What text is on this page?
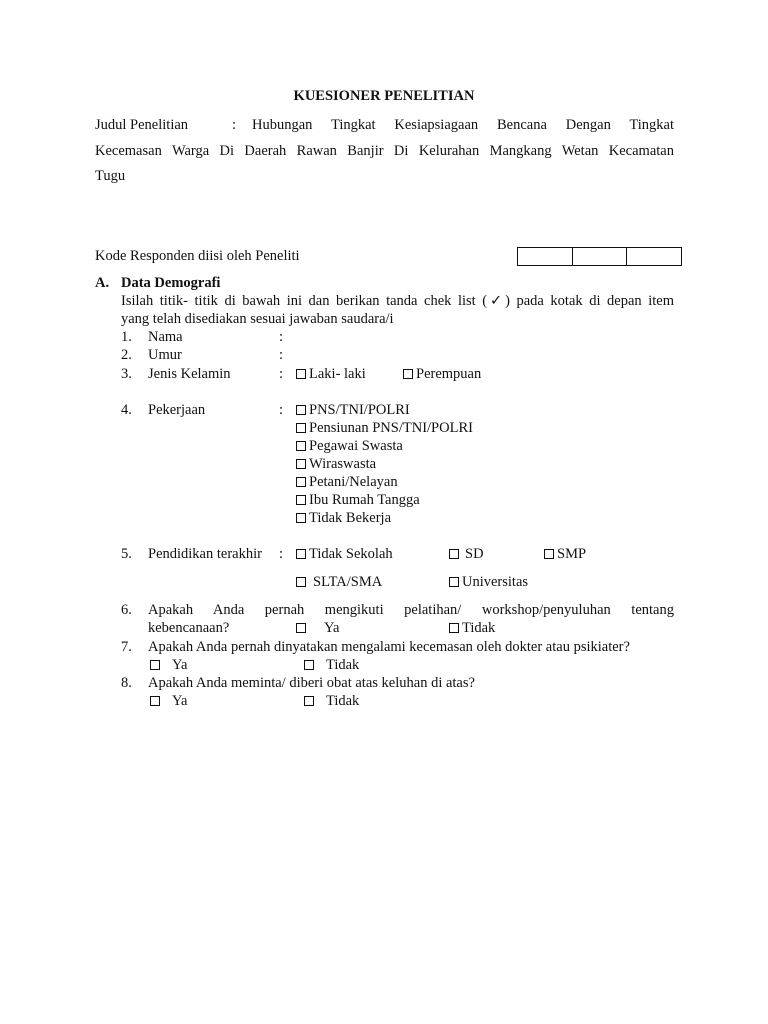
KUESIONER PENELITIAN
Judul Penelitian	: Hubungan Tingkat Kesiapsiagaan Bencana Dengan Tingkat
Kecemasan Warga Di Daerah Rawan Banjir Di Kelurahan Mangkang Wetan Kecamatan
Tugu
Kode Responden diisi oleh Peneliti
A. Data Demografi
Isilah titik- titik di bawah ini dan berikan tanda chek list (✓) pada kotak di depan item
yang telah disediakan sesuai jawaban saudara/i
1. Nama	:
2. Umur	:
3. Jenis Kelamin	:	Laki- laki	Perempuan
4. Pekerjaan	:	PNS/TNI/POLRI
Pensiunan PNS/TNI/POLRI
Pegawai Swasta
Wiraswasta
Petani/Nelayan
Ibu Rumah Tangga
Tidak Bekerja
5. Pendidikan terakhir :	Tidak Sekolah	SD	SMP
SLTA/SMA	Universitas
6. Apakah Anda pernah mengikuti pelatihan/ workshop/penyuluhan tentang
kebencanaan?	Ya	Tidak
7. Apakah Anda pernah dinyatakan mengalami kecemasan oleh dokter atau psikiater?
Ya	Tidak
8. Apakah Anda meminta/ diberi obat atas keluhan di atas?
Ya	Tidak
